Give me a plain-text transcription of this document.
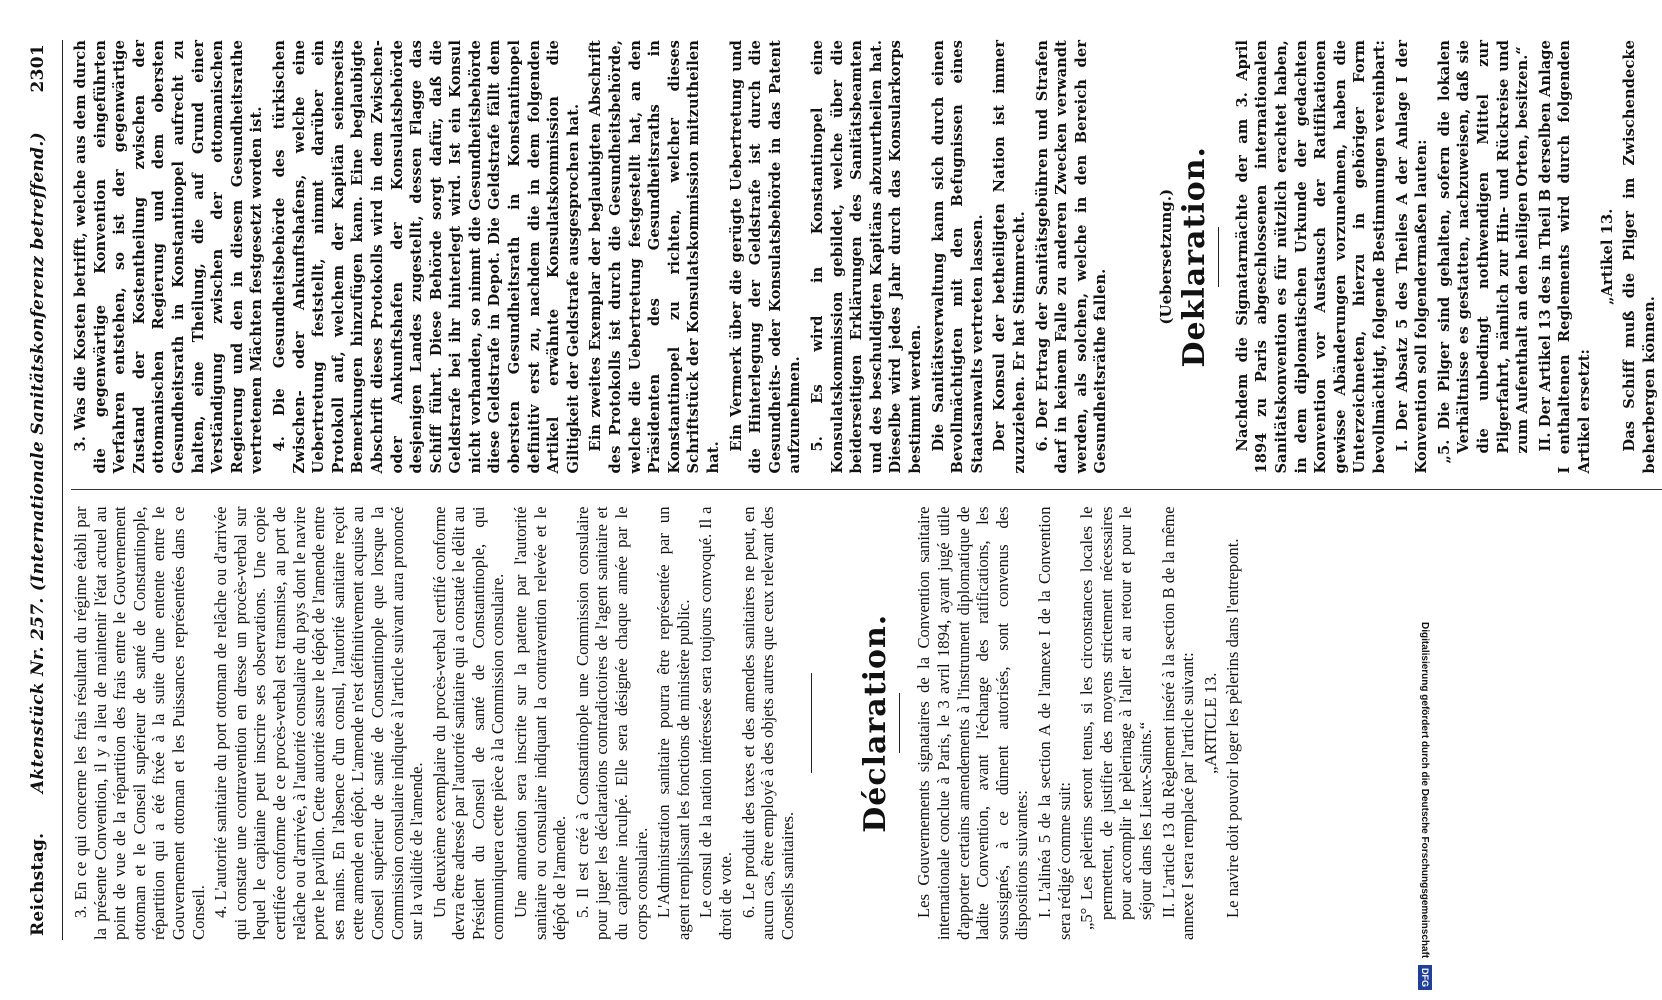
Reichstag.
Aktenstück Nr. 257. (Internationale Sanitätskonferenz betreffend.)
2301

3. En ce qui concerne les frais résultant du régime établi par la présente Convention, il y a lieu de maintenir l'état actuel au point de vue de la répartition des frais entre le Gouvernement ottoman et le Conseil supérieur de santé de Constantinople, répartition qui a été fixée à la suite d'une entente entre le Gouvernement ottoman et les Puissances représentées dans ce Conseil. 4. L'autorité sanitaire du port ottoman de relâche ou d'arrivée qui constate une contravention en dresse un procès-verbal sur lequel le capitaine peut inscrire ses observations. Une copie certifiée conforme de ce procès-verbal est transmise, au port de relâche ou d'arrivée, à l'autorité consulaire du pays dont le navire porte le pavillon. Cette autorité assure le dépôt de l'amende entre ses mains. En l'absence d'un consul, l'autorité sanitaire reçoit cette amende en dépôt. L'amende n'est définitivement acquise au Conseil supérieur de santé de Constantinople que lorsque la Commission consulaire indiquée à l'article suivant aura prononcé sur la validité de l'amende. Un deuxième exemplaire du procès-verbal certifié conforme devra être adressé par l'autorité sanitaire qui a constaté le délit au Président du Conseil de santé de Constantinople, qui communiquera cette pièce à la Commission consulaire. Une annotation sera inscrite sur la patente par l'autorité sanitaire ou consulaire indiquant la contravention relevée et le dépôt de l'amende. 5. Il est créé à Constantinople une Commission consulaire pour juger les déclarations contradictoires de l'agent sanitaire et du capitaine inculpé. Elle sera désignée chaque année par le corps consulaire. L'Administration sanitaire pourra être représentée par un agent remplissant les fonctions de ministère public. Le consul de la nation intéressée sera toujours convoqué. Il a droit de vote. 6. Le produit des taxes et des amendes sanitaires ne peut, en aucun cas, être employé à des objets autres que ceux relevant des Conseils sanitaires.

Déclaration. Les Gouvernements signataires de la Convention sanitaire internationale conclue à Paris, le 3 avril 1894, ayant jugé utile d'apporter certains amendements à l'instrument diplomatique de ladite Convention, avant l'échange des ratifications, les soussignés, à ce dûment autorisés, sont convenus des dispositions suivantes: I. L'alinéa 5 de la section A de l'annexe I de la Convention sera rédigé comme suit: „5° Les pèlerins seront tenus, si les circonstances locales le permettent, de justifier des moyens strictement nécessaires pour accomplir le pèlerinage à l'aller et au retour et pour le séjour dans les Lieux-Saints.“ II. L'article 13 du Règlement inséré à la section B de la même annexe I sera remplacé par l'article suivant: „ARTICLE 13. Le navire doit pouvoir loger les pèlerins dans l'entrepont.

3. Was die Kosten betrifft, welche aus dem durch die gegenwärtige Konvention eingeführten Verfahren entstehen, so ist der gegenwärtige Zustand der Kostentheilung zwischen der ottomanischen Regierung und dem obersten Gesundheitsrath in Konstantinopel aufrecht zu halten, eine Theilung, die auf Grund einer Verständigung zwischen der ottomanischen Regierung und den in diesem Gesundheitsrathe vertretenen Mächten festgesetzt worden ist. 4. Die Gesundheitsbehörde des türkischen Zwischen- oder Ankunftshafens, welche eine Uebertretung feststellt, nimmt darüber ein Protokoll auf, welchem der Kapitän seinerseits Bemerkungen hinzufügen kann. Eine beglaubigte Abschrift dieses Protokolls wird in dem Zwischen- oder Ankunftshafen der Konsulatsbehörde desjenigen Landes zugestellt, dessen Flagge das Schiff führt. Diese Behörde sorgt dafür, daß die Geldstrafe bei ihr hinterlegt wird. Ist ein Konsul nicht vorhanden, so nimmt die Gesundheitsbehörde diese Geldstrafe in Depot. Die Geldstrafe fällt dem obersten Gesundheitsrath in Konstantinopel definitiv erst zu, nachdem die in dem folgenden Artikel erwähnte Konsulatskommission die Giltigkeit der Geldstrafe ausgesprochen hat. Ein zweites Exemplar der beglaubigten Abschrift des Protokolls ist durch die Gesundheitsbehörde, welche die Uebertretung festgestellt hat, an den Präsidenten des Gesundheitsraths in Konstantinopel zu richten, welcher dieses Schriftstück der Konsulatskommission mitzutheilen hat.

Ein Vermerk über die gerügte Uebertretung und die Hinterlegung der Geldstrafe ist durch die Gesundheits- oder Konsulatsbehörde in das Patent aufzunehmen. 5. Es wird in Konstantinopel eine Konsulatskommission gebildet, welche über die beiderseitigen Erklärungen des Sanitätsbeamten und des beschuldigten Kapitäns abzuurtheilen hat. Dieselbe wird jedes Jahr durch das Konsularkorps bestimmt werden. Die Sanitätsverwaltung kann sich durch einen Bevollmächtigten mit den Befugnissen eines Staatsanwalts vertreten lassen. Der Konsul der betheiligten Nation ist immer zuzuziehen. Er hat Stimmrecht. 6. Der Ertrag der Sanitätsgebühren und Strafen darf in keinem Falle zu anderen Zwecken verwandt werden, als solchen, welche in den Bereich der Gesundheitsräthe fallen.

(Uebersetzung.) Deklaration. Nachdem die Signatarmächte der am 3. April 1894 zu Paris abgeschlossenen internationalen Sanitätskonvention es für nützlich erachtet haben, in dem diplomatischen Urkunde der gedachten Konvention vor Austausch der Ratifikationen gewisse Abänderungen vorzunehmen, haben die Unterzeichneten, hierzu in gehöriger Form bevollmächtigt, folgende Bestimmungen vereinbart: I. Der Absatz 5 des Theiles A der Anlage I der Konvention soll folgendermaßen lauten: „5. Die Pilger sind gehalten, sofern die lokalen Verhältnisse es gestatten, nachzuweisen, daß sie die unbedingt nothwendigen Mittel zur Pilgerfahrt, nämlich zur Hin- und Rückreise und zum Aufenthalt an den heiligen Orten, besitzen.“ II. Der Artikel 13 des in Theil B derselben Anlage I enthaltenen Reglements wird durch folgenden Artikel ersetzt:

„Artikel 13. Das Schiff muß die Pilger im Zwischendecke beherbergen können.

Digitalisierung gefördert durch die Deutsche Forschungsgemeinschaft DFG
